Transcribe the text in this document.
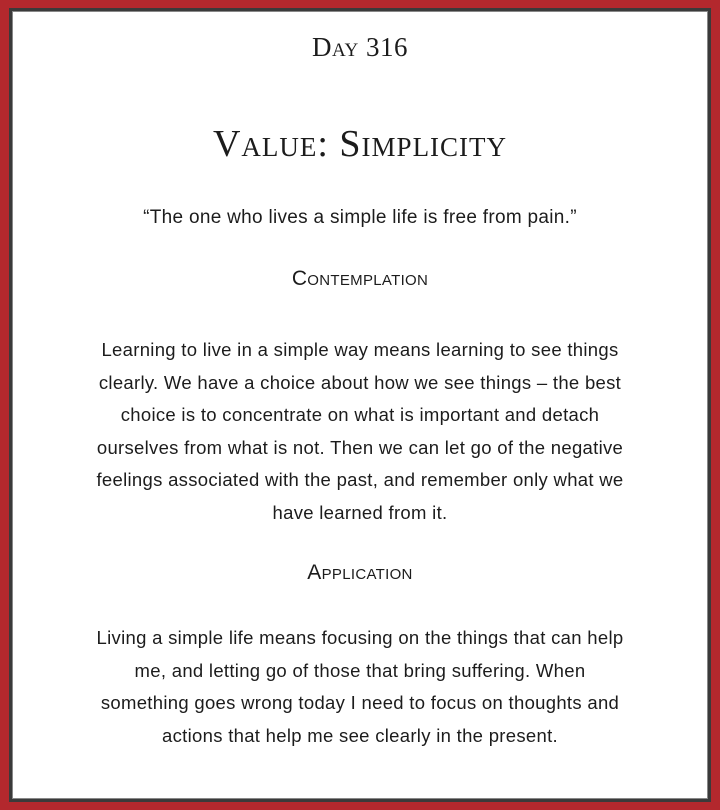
Day 316
Value: Simplicity
“The one who lives a simple life is free from pain.”
Contemplation
Learning to live in a simple way means learning to see things
clearly. We have a choice about how we see things – the best
choice is to concentrate on what is important and detach
ourselves from what is not. Then we can let go of the negative
feelings associated with the past, and remember only what we
have learned from it.
Application
Living a simple life means focusing on the things that can help
me, and letting go of those that bring suffering. When
something goes wrong today I need to focus on thoughts and
actions that help me see clearly in the present.
